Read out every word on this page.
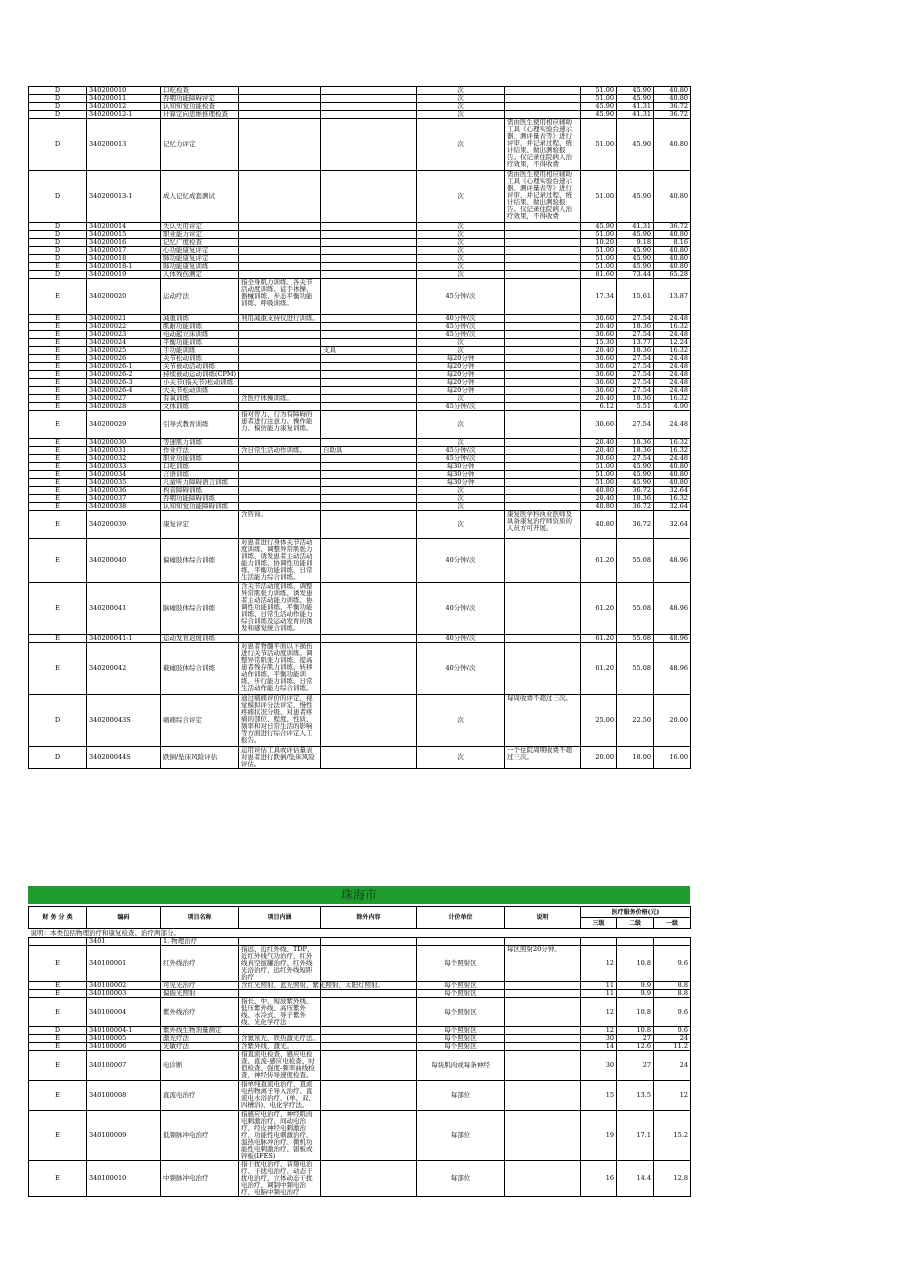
D	340200010	口吃检查			次		51.00	45.90	40.80
D	340200011	吞咽功能障碍评定			次		51.00	45.90	40.80
D	340200012	认知知觉功能检查			次		45.90	41.31	36.72
D	340200012-1	计算定向思维推理检查			次		45.90	41.31	36.72
D	340200013	记忆力评定			次	需由医生使用相应辅助工具《心理实验台速示器、测评量表等》进行评审，并记录过程、统计结果、做出测验报告。仅记录住院病人治疗效果，不得收费	51.00	45.90	40.80
D	340200013-1	成人记忆成套测试			次	需由医生使用相应辅助工具《心理实验台速示器、测评量表等》进行评审，并记录过程、统计结果、做出测验报告。仅记录住院病人治疗效果，不得收费	51.00	45.90	40.80
D	340200014	失认失用评定			次		45.90	41.31	36.72
D	340200015	职业能力评定			次		51.00	45.90	40.80
D	340200016	记忆广度检查			次		10.20	9.18	8.16
D	340200017	心功能康复评定			次		51.00	45.90	40.80
D	340200018	肺功能康复评定			次		51.00	45.90	40.80
E	340200018-1	肺功能康复训练			次		51.00	45.90	40.80
D	340200019	人体残伤测定			次		81.60	73.44	65.28
E	340200020	运动疗法	指全身肌力训练、各关节活动度训练、徒手体操、器械训练、步态平衡功能训练、呼吸训练。		45分钟/次		17.34	15.61	13.87
E	340200021	减重训练	利用减重支持仪进行训练。		40分钟/次		30.60	27.54	24.48
E	340200022	肌耐功能训练			45分钟/次		20.40	18.36	16.32
E	340200023	电动起立床训练			45分钟/次		30.60	27.54	24.48
E	340200024	平衡功能训练			次		15.30	13.77	12.24
E	340200025	手功能训练		支具	次		20.40	18.36	16.32
E	340200026	关节松动训练			每20分钟		30.60	27.54	24.48
E	340200026-1	关节被动活动训练			每20分钟		30.60	27.54	24.48
E	340200026-2	持续被动运动训练(CPM)			每20分钟		30.60	27.54	24.48
E	340200026-3	小关节(指关节)松动训练			每20分钟		30.60	27.54	24.48
E	340200026-4	大关节松动训练			每20分钟		30.60	27.54	24.48
E	340200027	有氧训练	含医疗体操训练。		次		20.40	18.36	16.32
E	340200028	文体训练			45分钟/次		6.12	5.51	4.90
E	340200029	引导式教育训练	指对智力、行为有障碍的患者进行注意力、操作能力、模仿能力康复训练。		次		30.60	27.54	24.48
E	340200030	等速肌力训练			次		20.40	18.36	16.32
E	340200031	作业疗法	含日常生活动作训练。	自助具	45分钟/次		20.40	18.36	16.32
E	340200032	职业功能训练			45分钟/次		30.60	27.54	24.48
E	340200033	口吃训练			每30分钟		51.00	45.90	40.80
E	340200034	言语训练			每30分钟		51.00	45.90	40.80
E	340200035	儿童听力障碍语言训练			每30分钟		51.00	45.90	40.80
E	340200036	构音障碍训练			次		40.80	36.72	32.64
E	340200037	吞咽功能障碍训练			次		20.40	18.36	16.32
E	340200038	认知知觉功能障碍训练			次		40.80	36.72	32.64
E	340200039	康复评定	含咨询。		次	康复医学科执业医师及具备康复治疗师资质的人员方可开展。	40.80	36.72	32.64
E	340200040	偏瘫肢体综合训练	对患者进行身体关节活动度训练、调整异常肌张力训练、诱发患者主动活动能力训练、协调性功能训练、平衡功能训练、日常生活能力综合训练。		40分钟/次		61.20	55.08	48.96
E	340200041	脑瘫肢体综合训练	含关节活动度训练、调整异常肌张力训练、诱发患者主动活动能力训练、协调性功能训练、平衡功能训练、日常生活动作能力综合训练及运动发育的诱发和感觉统合训练。		40分钟/次		61.20	55.08	48.96
E	340200041-1	运动发育迟缓训练			40分钟/次		61.20	55.08	48.96
E	340200042	截瘫肢体综合训练	对患者脊髓平面以下损伤进行关节活动度训练、调整异常肌张力训练、提高患者残存肌力训练、转移动作训练、平衡功能训练、步行能力训练、日常生活动作能力综合训练。		40分钟/次		61.20	55.08	48.96
D	340200043S	痛痛综合评定	通过痛痛评价的评定、视觉模拟评分法评定、慢性疼痛状况分级、对患者疼痛的部位、程度、性质、频率和对日常生活的影响等方面进行综合评定人工报告。		次	每周收费不超过三次。	25.00	22.50	20.00
D	340200044S	跌倒/坠床风险评估	运用评估工具或评估量表对患者进行跌倒/坠床风险评估。		次	一个住院周期收费不超过三次。	20.00	18.00	16.00
珠海市
财 务 分 类	编码	项目名称	项目内涵	除外内容	计价单位	说明	医疗服务价格(元)		
							三级	二级	一级
说明：本类包括物理治疗和康复检查、治疗两部分。									
	3401	1. 物理治疗							
E	340100001	红外线治疗	指远、近红外线、TDP、近红外线气功治疗、红外线真空拔罐治疗、红外线光浴治疗、远红外线短距治疗		每个照射区	每区照射20分钟。	12	10.8	9.6
E	340100002	可见光治疗	含红光照射、蓝光照射、紫光照射、太阳灯照射。		每个照射区		11	9.9	8.8
E	340100003	偏振光照射			每个照射区		11	9.9	8.8
E	340100004	紫外线治疗	指长、中、短波紫外线、低压紫外线、高压紫外线、水冷式、导子紫外线、光化学疗法		每个照射区		12	10.8	9.6
D	340100004-1	紫外线生物剂量测定			每个照射区		12	10.8	9.6
E	340100005	激光疗法	含氦氖光、铁热激光疗法。		每个照射区		30	27	24
E	340100006	光敏疗法	含紫外线、激光。		每个照射区		14	12.6	11.2
E	340100007	电诊断	指直流电检查、感应电检查、直流-感应电检查、时值检查、强度-频率曲线检查、神经传导速度检查。		每块肌肉或每条神经		30	27	24
E	340100008	直流电治疗	指单纯直流电治疗、直流电药物离子导入治疗、直流电水浴治疗、(单、双、四槽浴)、电化学疗法。		每部位		15	13.5	12
E	340100009	低频脉冲电治疗	指感应电治疗、神经肌肉电刺激治疗、间动电治疗、经皮神经电刺激治疗、功能性电刺激治疗、温热电脉冲治疗、微机功能性电刺激治疗、银板或锌板(IFES)		每部位		19	17.1	15.2
E	340100010	中频脉冲电治疗	指干扰电治疗、音频电治疗、干扰电治疗、动态干扰电治疗、立体动态干扰电治疗、调制中频电治疗、电脑中频电治疗		每部位		16	14.4	12.8
